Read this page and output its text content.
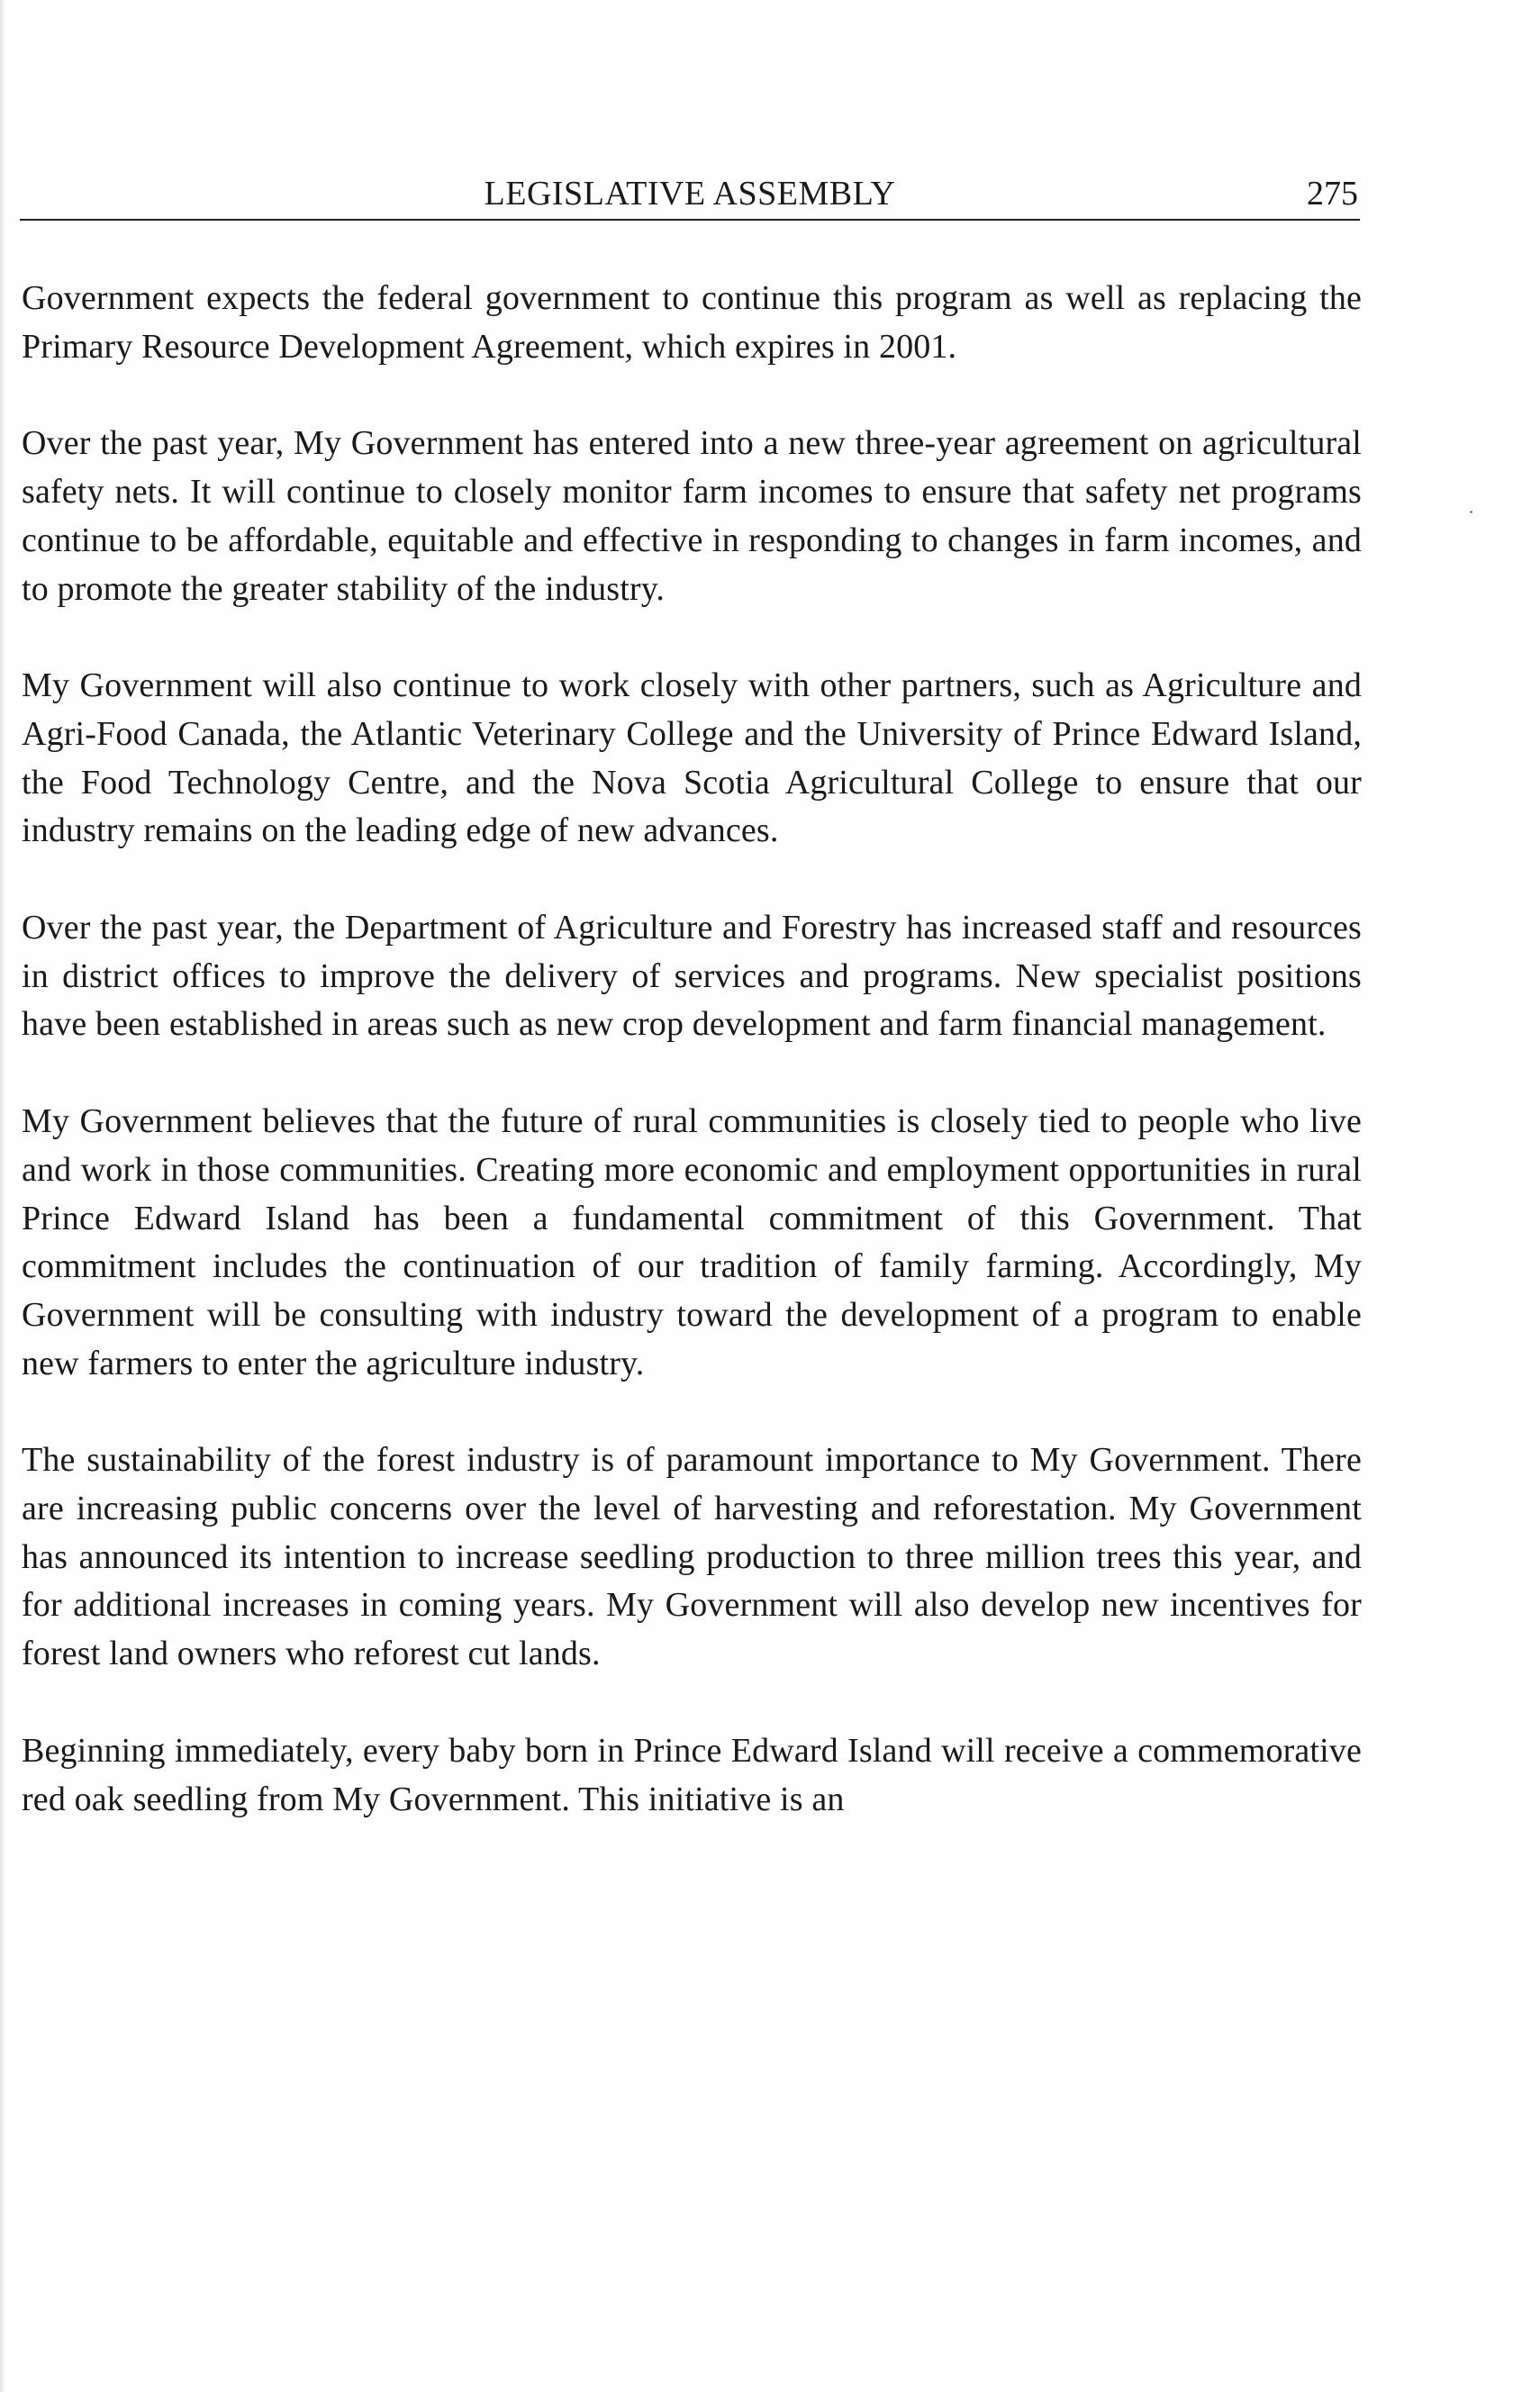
LEGISLATIVE ASSEMBLY	275

Government expects the federal government to continue this program as well as replacing the Primary Resource Development Agreement, which expires in 2001.

Over the past year, My Government has entered into a new three-year agreement on agricultural safety nets. It will continue to closely monitor farm incomes to ensure that safety net programs continue to be affordable, equitable and effective in responding to changes in farm incomes, and to promote the greater stability of the industry.

My Government will also continue to work closely with other partners, such as Agriculture and Agri-Food Canada, the Atlantic Veterinary College and the University of Prince Edward Island, the Food Technology Centre, and the Nova Scotia Agricultural College to ensure that our industry remains on the leading edge of new advances.

Over the past year, the Department of Agriculture and Forestry has increased staff and resources in district offices to improve the delivery of services and programs. New specialist positions have been established in areas such as new crop development and farm financial management.

My Government believes that the future of rural communities is closely tied to people who live and work in those communities. Creating more economic and employment opportunities in rural Prince Edward Island has been a fundamental commitment of this Government. That commitment includes the continuation of our tradition of family farming. Accordingly, My Government will be consulting with industry toward the development of a program to enable new farmers to enter the agriculture industry.

The sustainability of the forest industry is of paramount importance to My Government. There are increasing public concerns over the level of harvesting and reforestation. My Government has announced its intention to increase seedling production to three million trees this year, and for additional increases in coming years. My Government will also develop new incentives for forest land owners who reforest cut lands.

Beginning immediately, every baby born in Prince Edward Island will receive a commemorative red oak seedling from My Government. This initiative is an
